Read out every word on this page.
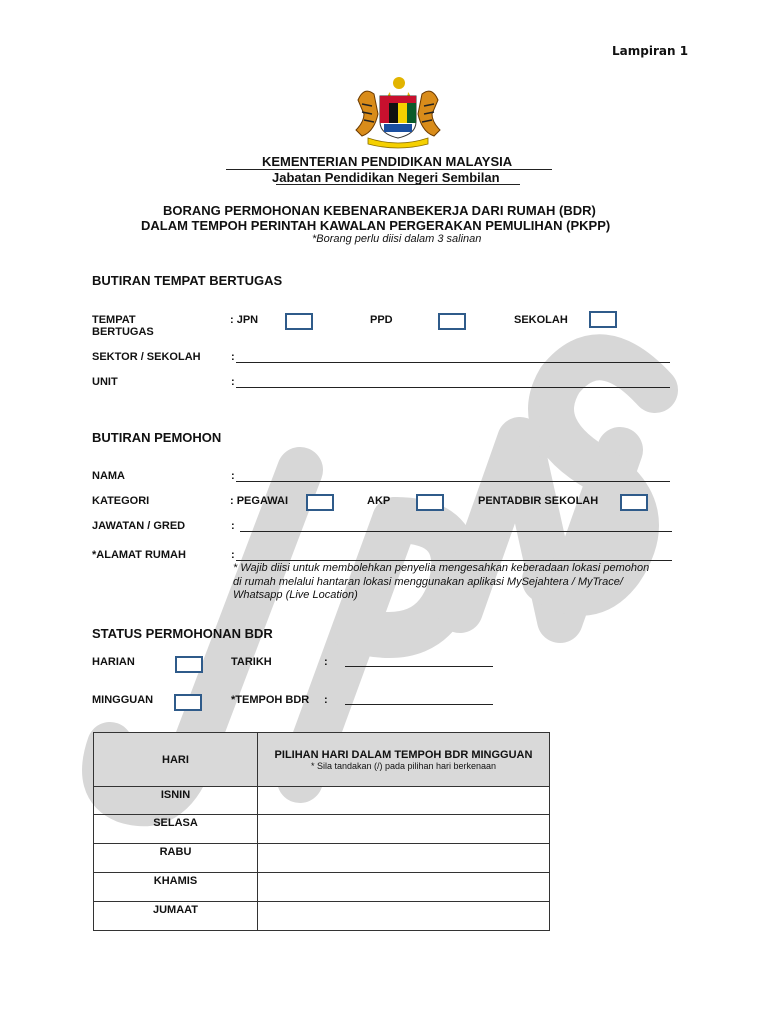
Lampiran 1
KEMENTERIAN PENDIDIKAN MALAYSIA
Jabatan Pendidikan Negeri Sembilan
BORANG PERMOHONAN KEBENARANBEKERJA DARI RUMAH (BDR)
DALAM TEMPOH PERINTAH KAWALAN PERGERAKAN PEMULIHAN (PKPP)
*Borang perlu diisi dalam 3 salinan
BUTIRAN TEMPAT BERTUGAS
TEMPAT
BERTUGAS
: JPN	PPD	SEKOLAH
SEKTOR / SEKOLAH	:
UNIT	:
BUTIRAN PEMOHON
NAMA	:
KATEGORI	: PEGAWAI	AKP	PENTADBIR SEKOLAH
JAWATAN / GRED	:
*ALAMAT RUMAH	:
* Wajib diisi untuk membolehkan penyelia mengesahkan keberadaan lokasi pemohon
di rumah melalui hantaran lokasi menggunakan aplikasi MySejahtera / MyTrace/
Whatsapp (Live Location)
STATUS PERMOHONAN BDR
HARIAN	TARIKH	:
MINGGUAN	*TEMPOH BDR :
HARI	PILIHAN HARI DALAM TEMPOH BDR MINGGUAN
* Sila tandakan (/) pada pilihan hari berkenaan

ISNIN	
SELASA	
RABU	
KHAMIS	
JUMAAT	
